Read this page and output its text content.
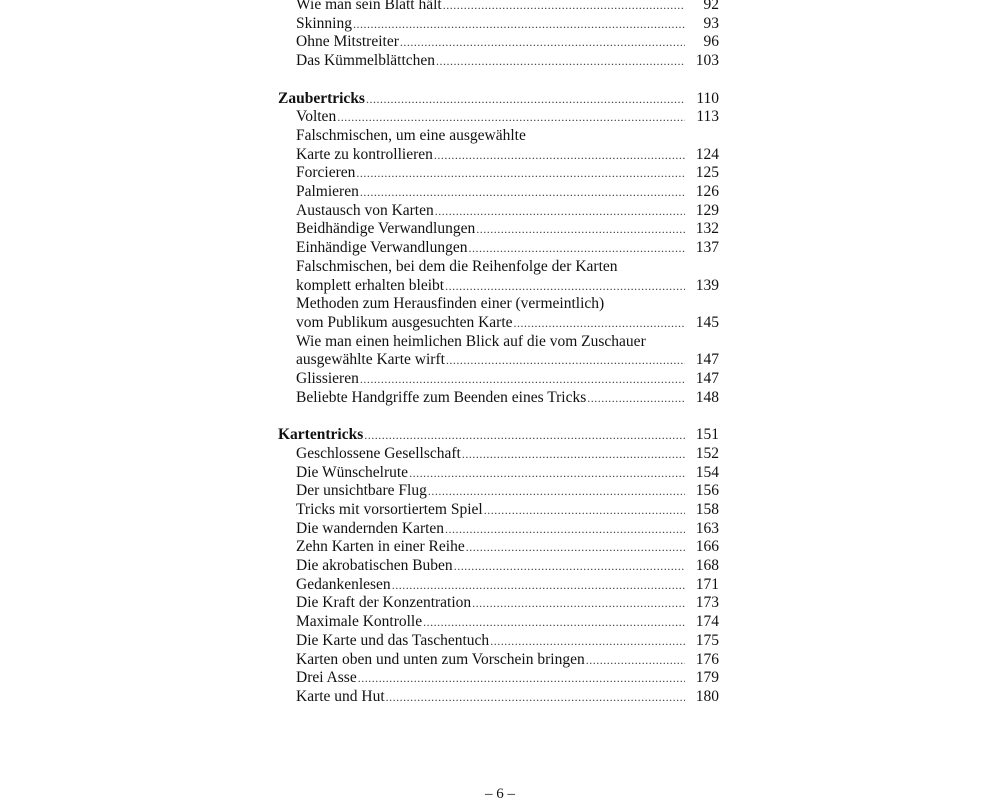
Wie man sein Blatt hält .....	92
Skinning .....	93
Ohne Mitstreiter .....	96
Das Kümmelblättchen .....	103
Zaubertricks .....	110
Volten .....	113
Falschmischen, um eine ausgewählte
Karte zu kontrollieren .....	124
Forcieren .....	125
Palmieren .....	126
Austausch von Karten .....	129
Beidhändige Verwandlungen .....	132
Einhändige Verwandlungen .....	137
Falschmischen, bei dem die Reihenfolge der Karten
komplett erhalten bleibt .....	139
Methoden zum Herausfinden einer (vermeintlich)
vom Publikum ausgesuchten Karte .....	145
Wie man einen heimlichen Blick auf die vom Zuschauer
ausgewählte Karte wirft .....	147
Glissieren .....	147
Beliebte Handgriffe zum Beenden eines Tricks .....	148
Kartentricks .....	151
Geschlossene Gesellschaft .....	152
Die Wünschelrute .....	154
Der unsichtbare Flug .....	156
Tricks mit vorsortiertem Spiel .....	158
Die wandernden Karten .....	163
Zehn Karten in einer Reihe .....	166
Die akrobatischen Buben .....	168
Gedankenlesen .....	171
Die Kraft der Konzentration .....	173
Maximale Kontrolle .....	174
Die Karte und das Taschentuch .....	175
Karten oben und unten zum Vorschein bringen .....	176
Drei Asse .....	179
Karte und Hut .....	180
– 6 –
